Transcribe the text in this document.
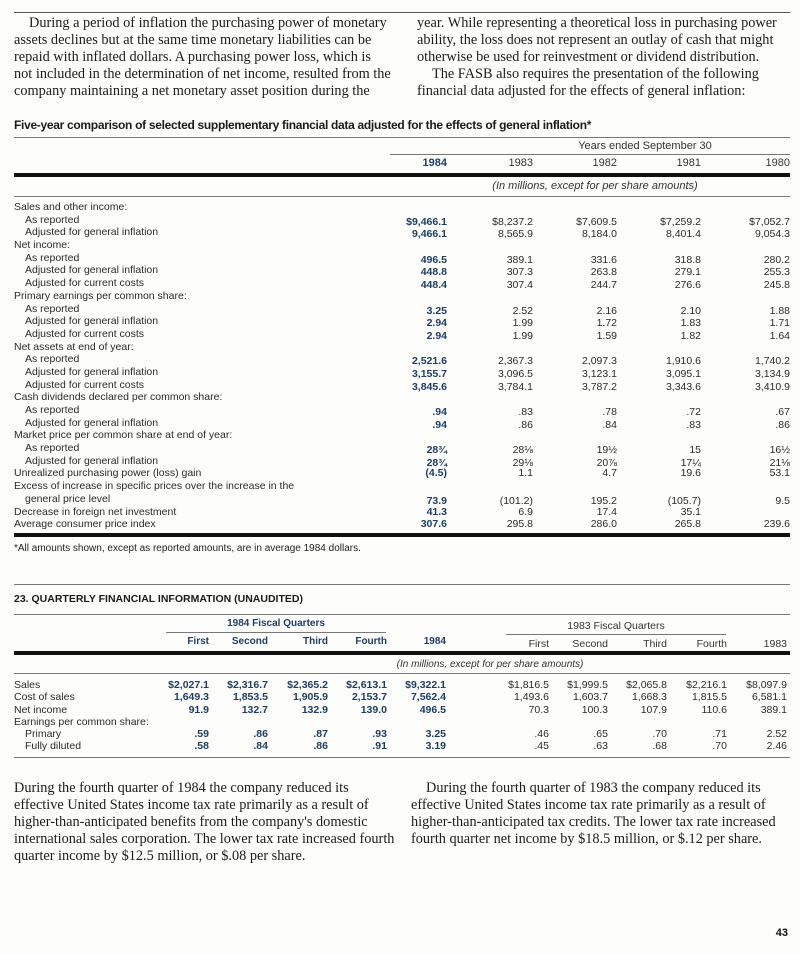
During a period of inflation the purchasing power of monetary assets declines but at the same time monetary liabilities can be repaid with inflated dollars. A purchasing power loss, which is not included in the determination of net income, resulted from the company maintaining a net monetary asset position during the

year. While representing a theoretical loss in purchasing power ability, the loss does not represent an outlay of cash that might otherwise be used for reinvestment or dividend distribution.

The FASB also requires the presentation of the following financial data adjusted for the effects of general inflation:

Five-year comparison of selected supplementary financial data adjusted for the effects of general inflation*
Years ended September 30
1984	1983	1982	1981	1980
(In millions, except for per share amounts)
Sales and other income:
As reported	$9,466.1	$8,237.2	$7,609.5	$7,259.2	$7,052.7
Adjusted for general inflation	9,466.1	8,565.9	8,184.0	8,401.4	9,054.3
Net income:
As reported	496.5	389.1	331.6	318.8	280.2
Adjusted for general inflation	448.8	307.3	263.8	279.1	255.3
Adjusted for current costs	448.4	307.4	244.7	276.6	245.8
Primary earnings per common share:
As reported	3.25	2.52	2.16	2.10	1.88
Adjusted for general inflation	2.94	1.99	1.72	1.83	1.71
Adjusted for current costs	2.94	1.99	1.59	1.82	1.64
Net assets at end of year:
As reported	2,521.6	2,367.3	2,097.3	1,910.6	1,740.2
Adjusted for general inflation	3,155.7	3,096.5	3,123.1	3,095.1	3,134.9
Adjusted for current costs	3,845.6	3,784.1	3,787.2	3,343.6	3,410.9
Cash dividends declared per common share:
As reported	.94	.83	.78	.72	.67
Adjusted for general inflation	.94	.86	.84	.83	.86
Market price per common share at end of year:
As reported	28¾	28⅛	19½	15	16½
Adjusted for general inflation	28¾	29⅛	20⅞	17¼	21⅛
Unrealized purchasing power (loss) gain	(4.5)	1.1	4.7	19.6	53.1
Excess of increase in specific prices over the increase in the
general price level	73.9	(101.2)	195.2	(105.7)	9.5
Decrease in foreign net investment	41.3	6.9	17.4	35.1
Average consumer price index	307.6	295.8	286.0	265.8	239.6
*All amounts shown, except as reported amounts, are in average 1984 dollars.
23. QUARTERLY FINANCIAL INFORMATION (UNAUDITED)
1984 Fiscal Quarters	1983 Fiscal Quarters
First	Second	Third	Fourth	1984	First	Second	Third	Fourth	1983
(In millions, except for per share amounts)
Sales	$2,027.1	$2,316.7	$2,365.2	$2,613.1	$9,322.1	$1,816.5	$1,999.5	$2,065.8	$2,216.1	$8,097.9
Cost of sales	1,649.3	1,853.5	1,905.9	2,153.7	7,562.4	1,493.6	1,603.7	1,668.3	1,815.5	6,581.1
Net income	91.9	132.7	132.9	139.0	496.5	70.3	100.3	107.9	110.6	389.1
Earnings per common share:
Primary	.59	.86	.87	.93	3.25	.46	.65	.70	.71	2.52
Fully diluted	.58	.84	.86	.91	3.19	.45	.63	.68	.70	2.46

During the fourth quarter of 1984 the company reduced its effective United States income tax rate primarily as a result of higher-than-anticipated benefits from the company's domestic international sales corporation. The lower tax rate increased fourth quarter income by $12.5 million, or $.08 per share.

During the fourth quarter of 1983 the company reduced its effective United States income tax rate primarily as a result of higher-than-anticipated tax credits. The lower tax rate increased fourth quarter net income by $18.5 million, or $.12 per share.

43
